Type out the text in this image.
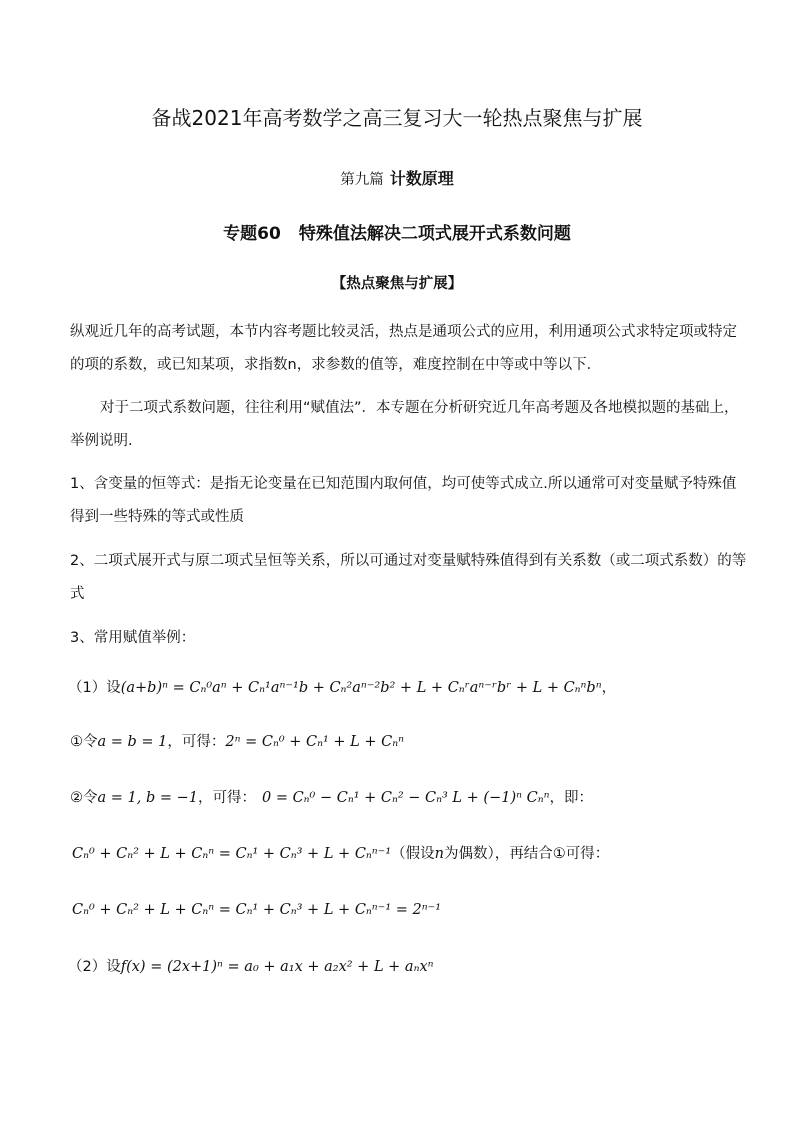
备战2021年高考数学之高三复习大一轮热点聚焦与扩展
第九篇 计数原理
专题60 特殊值法解决二项式展开式系数问题
【热点聚焦与扩展】
纵观近几年的高考试题，本节内容考题比较灵活，热点是通项公式的应用，利用通项公式求特定项或特定
的项的系数，或已知某项，求指数n，求参数的值等，难度控制在中等或中等以下．
对于二项式系数问题，往往利用“赋值法”．本专题在分析研究近几年高考题及各地模拟题的基础上，
举例说明.
1、含变量的恒等式：是指无论变量在已知范围内取何值，均可使等式成立.所以通常可对变量赋予特殊值
得到一些特殊的等式或性质
2、二项式展开式与原二项式呈恒等关系，所以可通过对变量赋特殊值得到有关系数（或二项式系数）的等
式
3、常用赋值举例：
（1）设(a+b)ⁿ = Cₙ⁰aⁿ + Cₙ¹aⁿ⁻¹b + Cₙ²aⁿ⁻²b² + L + Cₙʳaⁿ⁻ʳbʳ + L + Cₙⁿbⁿ，
①令a = b = 1，可得：2ⁿ = Cₙ⁰ + Cₙ¹ + L + Cₙⁿ
②令a = 1, b = −1，可得： 0 = Cₙ⁰ − Cₙ¹ + Cₙ² − Cₙ³ L + (−1)ⁿ Cₙⁿ，即：
Cₙ⁰ + Cₙ² + L + Cₙⁿ = Cₙ¹ + Cₙ³ + L + Cₙⁿ⁻¹（假设n为偶数），再结合①可得：
Cₙ⁰ + Cₙ² + L + Cₙⁿ = Cₙ¹ + Cₙ³ + L + Cₙⁿ⁻¹ = 2ⁿ⁻¹
（2）设f(x) = (2x+1)ⁿ = a₀ + a₁x + a₂x² + L + aₙxⁿ
